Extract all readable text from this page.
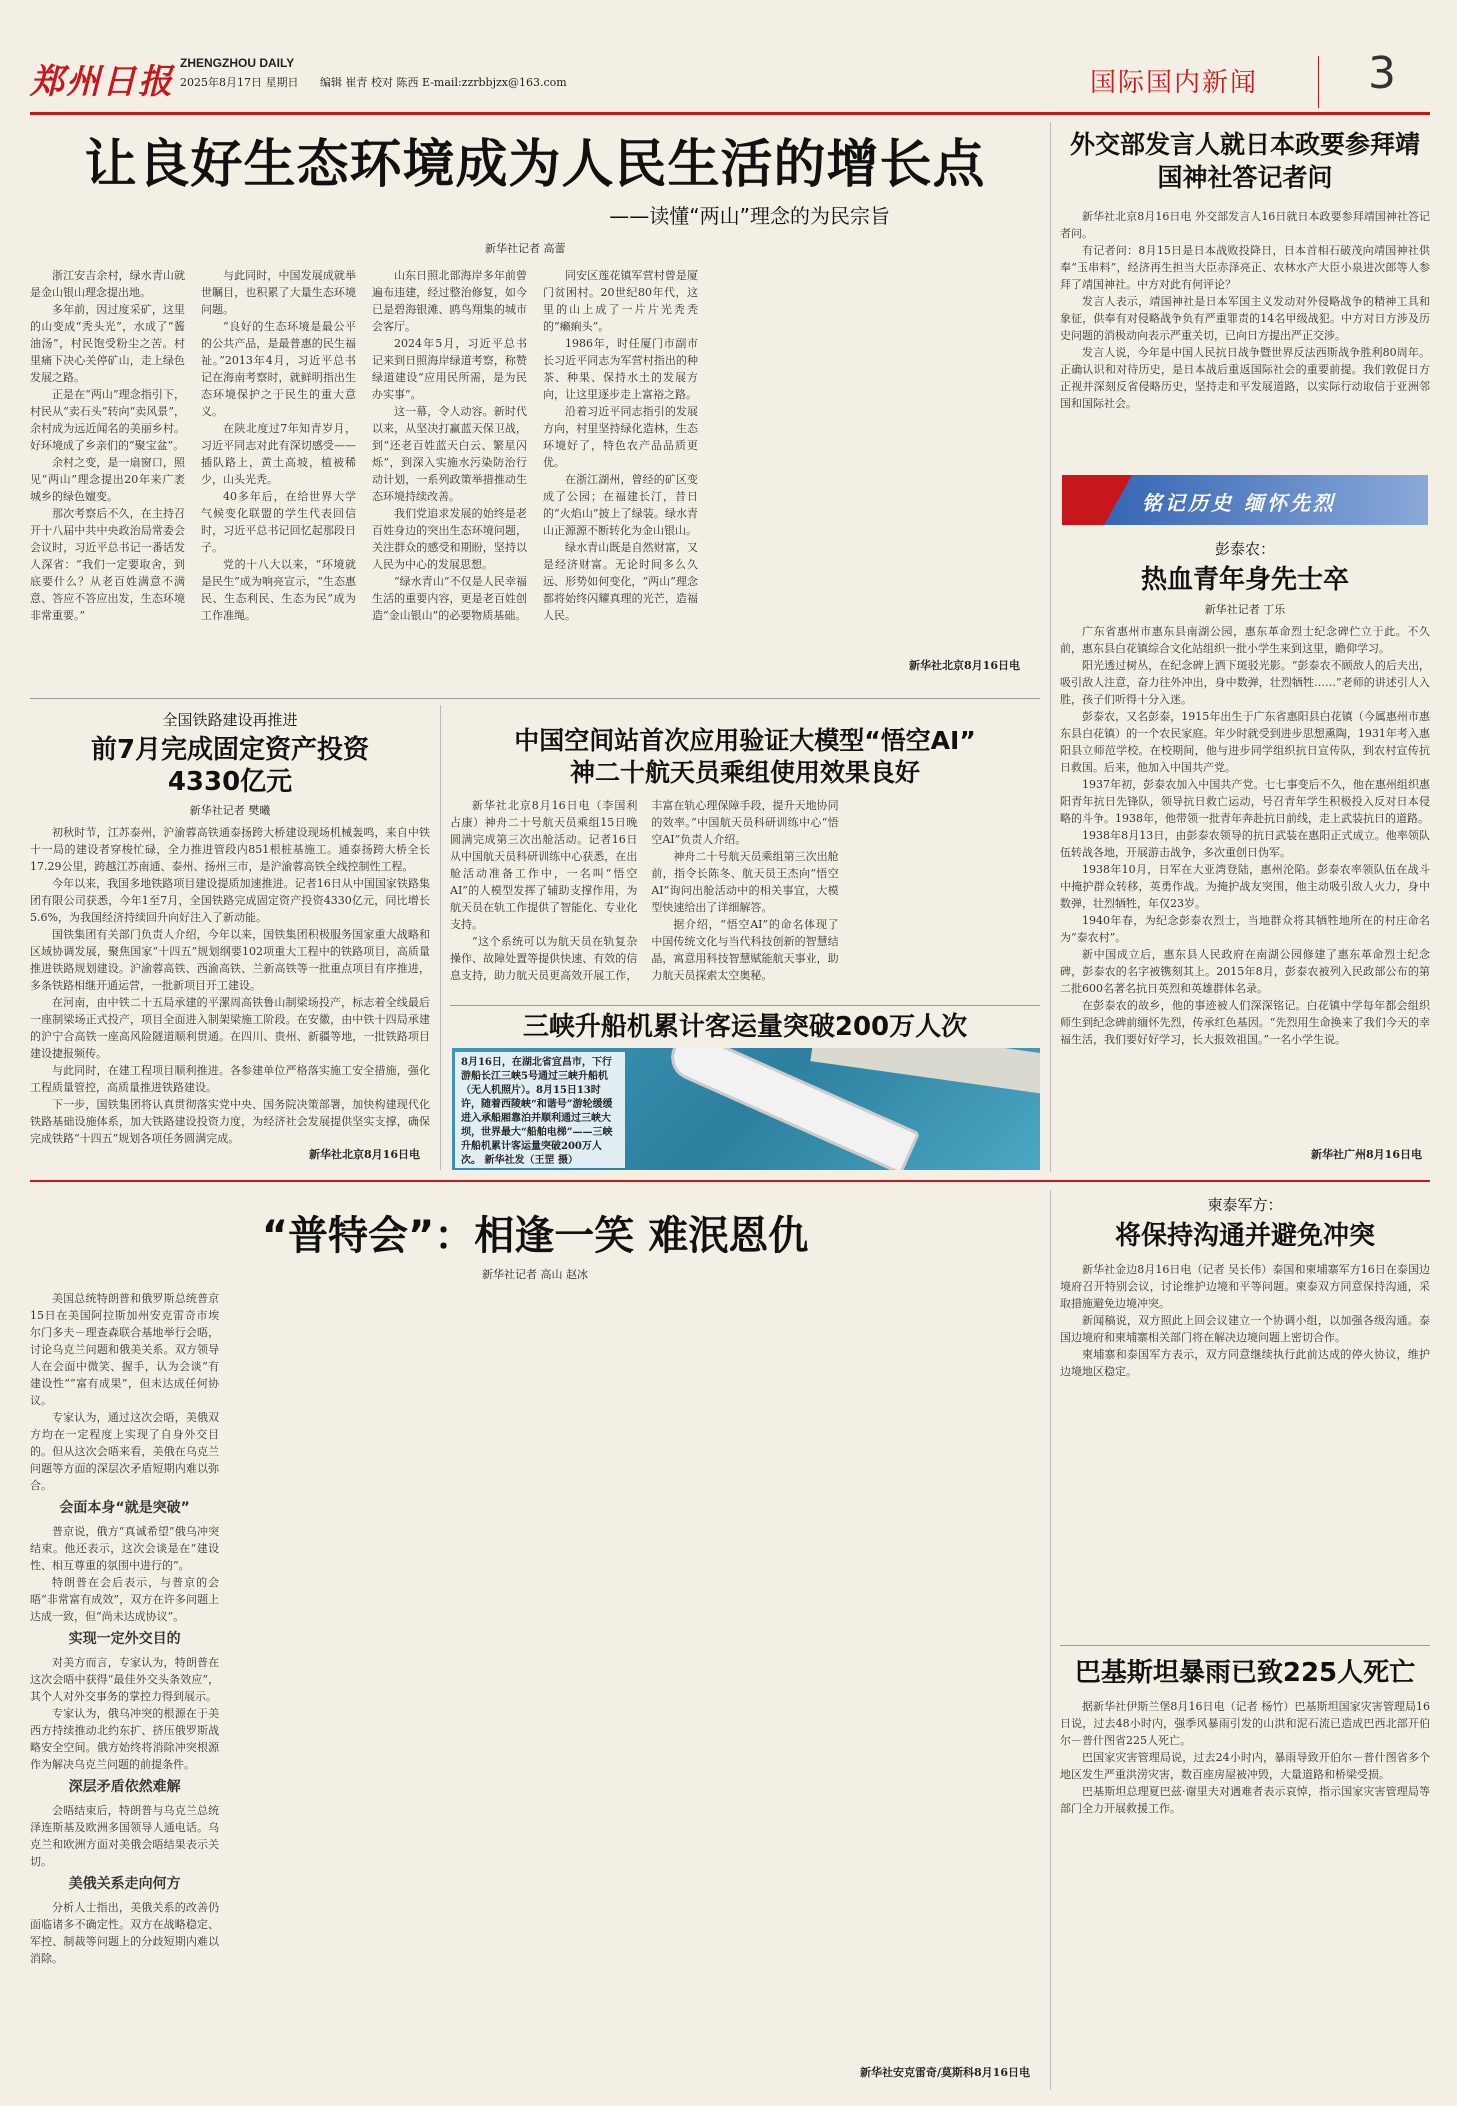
郑州日报 ZHENGZHOU DAILY
2025年8月17日 星期日 编辑 崔青 校对 陈西 E-mail:zzrbbjzx@163.com	国际国内新闻 3
让良好生态环境成为人民生活的增长点
——读懂“两山”理念的为民宗旨
新华社记者 高蕾

浙江安吉余村，绿水青山就是金山银山理念提出地。

多年前，因过度采矿，这里的山变成“秃头光”，水成了“酱油汤”，村民饱受粉尘之苦。村里痛下决心关停矿山，走上绿色发展之路。

正是在“两山”理念指引下，村民从“卖石头”转向“卖风景”，余村成为远近闻名的美丽乡村。好环境成了乡亲们的“聚宝盆”。

余村之变，是一扇窗口，照见“两山”理念提出20年来广袤城乡的绿色嬗变。

那次考察后不久，在主持召开十八届中共中央政治局常委会会议时，习近平总书记一番话发人深省：“我们一定要取舍，到底要什么？从老百姓满意不满意、答应不答应出发，生态环境非常重要。”

与此同时，中国发展成就举世瞩目，也积累了大量生态环境问题。

“良好的生态环境是最公平的公共产品，是最普惠的民生福祉。”2013年4月，习近平总书记在海南考察时，就鲜明指出生态环境保护之于民生的重大意义。

在陕北度过7年知青岁月，习近平同志对此有深切感受——插队路上，黄土高坡，植被稀少，山头光秃。

40多年后，在给世界大学气候变化联盟的学生代表回信时，习近平总书记回忆起那段日子。

党的十八大以来，“环境就是民生”成为响亮宣示，“生态惠民、生态利民、生态为民”成为工作准绳。

山东日照北部海岸多年前曾遍布违建，经过整治修复，如今已是碧海银滩、鸥鸟翔集的城市会客厅。

2024年5月，习近平总书记来到日照海岸绿道考察，称赞绿道建设“应用民所需，是为民办实事”。

这一幕，令人动容。新时代以来，从坚决打赢蓝天保卫战，到“还老百姓蓝天白云、繁星闪烁”，到深入实施水污染防治行动计划，一系列政策举措推动生态环境持续改善。

我们党追求发展的始终是老百姓身边的突出生态环境问题，关注群众的感受和期盼，坚持以人民为中心的发展思想。

“绿水青山”不仅是人民幸福生活的重要内容，更是老百姓创造“金山银山”的必要物质基础。

同安区莲花镇军营村曾是厦门贫困村。20世纪80年代，这里的山上成了一片片光秃秃的“癞痢头”。

1986年，时任厦门市副市长习近平同志为军营村指出的种茶、种果、保持水土的发展方向，让这里逐步走上富裕之路。

沿着习近平同志指引的发展方向，村里坚持绿化造林，生态环境好了，特色农产品品质更优。

在浙江湖州，曾经的矿区变成了公园；在福建长汀，昔日的“火焰山”披上了绿装。绿水青山正源源不断转化为金山银山。

绿水青山既是自然财富，又是经济财富。无论时间多么久远、形势如何变化，“两山”理念都将始终闪耀真理的光芒，造福人民。

新华社北京8月16日电
外交部发言人就日本政要参拜靖国神社答记者问

新华社北京8月16日电 外交部发言人16日就日本政要参拜靖国神社答记者问。

有记者问：8月15日是日本战败投降日，日本首相石破茂向靖国神社供奉“玉串料”，经济再生担当大臣赤泽亮正、农林水产大臣小泉进次郎等人参拜了靖国神社。中方对此有何评论？

发言人表示，靖国神社是日本军国主义发动对外侵略战争的精神工具和象征，供奉有对侵略战争负有严重罪责的14名甲级战犯。中方对日方涉及历史问题的消极动向表示严重关切，已向日方提出严正交涉。

发言人说，今年是中国人民抗日战争暨世界反法西斯战争胜利80周年。正确认识和对待历史，是日本战后重返国际社会的重要前提。我们敦促日方正视并深刻反省侵略历史，坚持走和平发展道路，以实际行动取信于亚洲邻国和国际社会。

铭记历史 缅怀先烈
彭泰农：
热血青年身先士卒
新华社记者 丁乐

广东省惠州市惠东县南湖公园，惠东革命烈士纪念碑伫立于此。不久前，惠东县白花镇综合文化站组织一批小学生来到这里，瞻仰学习。

阳光透过树丛，在纪念碑上洒下斑驳光影。“彭泰农不顾敌人的后夫出，吸引敌人注意，奋力往外冲出，身中数弹，壮烈牺牲……”老师的讲述引人入胜，孩子们听得十分入迷。

彭泰农，又名彭泰，1915年出生于广东省惠阳县白花镇（今属惠州市惠东县白花镇）的一个农民家庭。年少时就受到进步思想熏陶，1931年考入惠阳县立师范学校。在校期间，他与进步同学组织抗日宣传队，到农村宣传抗日救国。后来，他加入中国共产党。

1937年初，彭泰农加入中国共产党。七七事变后不久，他在惠州组织惠阳青年抗日先锋队，领导抗日救亡运动，号召青年学生积极投入反对日本侵略的斗争。1938年，他带领一批青年奔赴抗日前线，走上武装抗日的道路。

1938年8月13日，由彭泰农领导的抗日武装在惠阳正式成立。他率领队伍转战各地，开展游击战争，多次重创日伪军。

1938年10月，日军在大亚湾登陆，惠州沦陷。彭泰农率领队伍在战斗中掩护群众转移，英勇作战。为掩护战友突围，他主动吸引敌人火力，身中数弹，壮烈牺牲，年仅23岁。

1940年春，为纪念彭泰农烈士，当地群众将其牺牲地所在的村庄命名为“泰农村”。

新中国成立后，惠东县人民政府在南湖公园修建了惠东革命烈士纪念碑，彭泰农的名字被镌刻其上。2015年8月，彭泰农被列入民政部公布的第二批600名著名抗日英烈和英雄群体名录。

在彭泰农的故乡，他的事迹被人们深深铭记。白花镇中学每年都会组织师生到纪念碑前缅怀先烈，传承红色基因。“先烈用生命换来了我们今天的幸福生活，我们要好好学习，长大报效祖国。”一名小学生说。

新华社广州8月16日电
全国铁路建设再推进
前7月完成固定资产投资4330亿元
新华社记者 樊曦

初秋时节，江苏泰州，沪渝蓉高铁通泰扬跨大桥建设现场机械轰鸣，来自中铁十一局的建设者穿梭忙碌，全力推进管段内851根桩基施工。通泰扬跨大桥全长17.29公里，跨越江苏南通、泰州、扬州三市，是沪渝蓉高铁全线控制性工程。

今年以来，我国多地铁路项目建设提质加速推进。记者16日从中国国家铁路集团有限公司获悉，今年1至7月，全国铁路完成固定资产投资4330亿元，同比增长5.6%，为我国经济持续回升向好注入了新动能。

国铁集团有关部门负责人介绍，今年以来，国铁集团积极服务国家重大战略和区域协调发展，聚焦国家“十四五”规划纲要102项重大工程中的铁路项目，高质量推进铁路规划建设。沪渝蓉高铁、西渝高铁、兰新高铁等一批重点项目有序推进，多条铁路相继开通运营，一批新项目开工建设。

在河南，由中铁二十五局承建的平漯周高铁鲁山制梁场投产，标志着全线最后一座制梁场正式投产，项目全面进入制架梁施工阶段。在安徽，由中铁十四局承建的沪宁合高铁一座高风险隧道顺利贯通。在四川、贵州、新疆等地，一批铁路项目建设捷报频传。

与此同时，在建工程项目顺利推进。各参建单位严格落实施工安全措施，强化工程质量管控，高质量推进铁路建设。

下一步，国铁集团将认真贯彻落实党中央、国务院决策部署，加快构建现代化铁路基础设施体系，加大铁路建设投资力度，为经济社会发展提供坚实支撑，确保完成铁路“十四五”规划各项任务圆满完成。

新华社北京8月16日电
中国空间站首次应用验证大模型“悟空AI”
神二十航天员乘组使用效果良好

新华社北京8月16日电（李国利 占康）神舟二十号航天员乘组15日晚圆满完成第三次出舱活动。记者16日从中国航天员科研训练中心获悉，在出舱活动准备工作中，一名叫“悟空AI”的人模型发挥了辅助支撑作用，为航天员在轨工作提供了智能化、专业化支持。

“这个系统可以为航天员在轨复杂操作、故障处置等提供快速、有效的信息支持，助力航天员更高效开展工作，丰富在轨心理保障手段，提升天地协同的效率。”中国航天员科研训练中心“悟空AI”负责人介绍。

神舟二十号航天员乘组第三次出舱前，指令长陈冬、航天员王杰向“悟空AI”询问出舱活动中的相关事宜，大模型快速给出了详细解答。

据介绍，“悟空AI”的命名体现了中国传统文化与当代科技创新的智慧结晶，寓意用科技智慧赋能航天事业，助力航天员探索太空奥秘。

三峡升船机累计客运量突破200万人次
8月16日，在湖北省宜昌市，下行游船长江三峡5号通过三峡升船机（无人机照片）。8月15日13时许，随着西陵峡“和谐号”游轮缓缓进入承船厢靠泊并顺利通过三峡大坝，世界最大“船舶电梯”——三峡升船机累计客运量突破200万人次。 新华社发（王罡 摄）
“普特会”：相逢一笑 难泯恩仇
新华社记者 高山 赵冰

美国总统特朗普和俄罗斯总统普京15日在美国阿拉斯加州安克雷奇市埃尔门多夫－理查森联合基地举行会晤，讨论乌克兰问题和俄美关系。双方领导人在会面中微笑、握手，认为会谈“有建设性”“富有成果”，但未达成任何协议。

专家认为，通过这次会晤，美俄双方均在一定程度上实现了自身外交目的。但从这次会晤来看，美俄在乌克兰问题等方面的深层次矛盾短期内难以弥合。

会面本身“就是突破”

普京说，俄方“真诚希望”俄乌冲突结束。他还表示，这次会谈是在“建设性、相互尊重的氛围中进行的”。

特朗普在会后表示，与普京的会晤“非常富有成效”，双方在许多问题上达成一致，但“尚未达成协议”。

实现一定外交目的

对美方而言，专家认为，特朗普在这次会晤中获得“最佳外交头条效应”，其个人对外交事务的掌控力得到展示。

专家认为，俄乌冲突的根源在于美西方持续推动北约东扩、挤压俄罗斯战略安全空间。俄方始终将消除冲突根源作为解决乌克兰问题的前提条件。

深层矛盾依然难解

会晤结束后，特朗普与乌克兰总统泽连斯基及欧洲多国领导人通电话。乌克兰和欧洲方面对美俄会晤结果表示关切。

美俄关系走向何方

分析人士指出，美俄关系的改善仍面临诸多不确定性。双方在战略稳定、军控、制裁等问题上的分歧短期内难以消除。

新华社安克雷奇/莫斯科8月16日电
柬泰军方：
将保持沟通并避免冲突

新华社金边8月16日电（记者 吴长伟）泰国和柬埔寨军方16日在泰国边境府召开特别会议，讨论维护边境和平等问题。柬泰双方同意保持沟通，采取措施避免边境冲突。

新闻稿说，双方照此上回会议建立一个协调小组，以加强各级沟通。泰国边境府和柬埔寨相关部门将在解决边境问题上密切合作。

柬埔寨和泰国军方表示，双方同意继续执行此前达成的停火协议，维护边境地区稳定。

巴基斯坦暴雨已致225人死亡

据新华社伊斯兰堡8月16日电（记者 杨竹）巴基斯坦国家灾害管理局16日说，过去48小时内，强季风暴雨引发的山洪和泥石流已造成巴西北部开伯尔－普什图省225人死亡。

巴国家灾害管理局说，过去24小时内，暴雨导致开伯尔－普什图省多个地区发生严重洪涝灾害，数百座房屋被冲毁，大量道路和桥梁受损。

巴基斯坦总理夏巴兹·谢里夫对遇难者表示哀悼，指示国家灾害管理局等部门全力开展救援工作。
